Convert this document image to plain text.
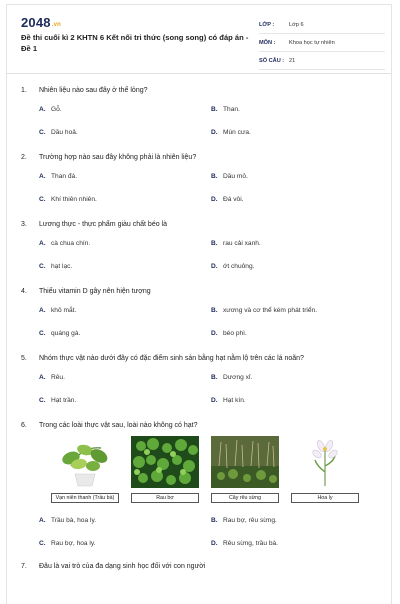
2048.vn
Đề thi cuối kì 2 KHTN 6 Kết nối tri thức (song song) có đáp án - Đề 1
LỚP :	Lớp 6
MÔN :	Khoa học tự nhiên
SỐ CÂU : 21
1.	Nhiên liệu nào sau đây ở thể lỏng?
A. Gỗ.	B. Than.
C. Dầu hoả.	D. Mùn cưa.
2.	Trường hợp nào sau đây không phải là nhiên liệu?
A. Than đá.	B. Dầu mỏ.
C. Khí thiên nhiên.	D. Đá vôi.
3.	Lương thực - thực phẩm giàu chất béo là
A. cà chua chín.	B. rau cải xanh.
C. hạt lạc.	D. ớt chuông.
4.	Thiếu vitamin D gây nên hiện tượng
A. khô mắt.	B. xương và cơ thể kém phát triển.
C. quáng gà.	D. béo phì.
5.	Nhóm thực vật nào dưới đây có đặc điểm sinh sản bằng hạt nằm lộ trên các lá noãn?
A. Rêu.	B. Dương xỉ.
C. Hạt trần.	D. Hạt kín.
6.	Trong các loài thực vật sau, loài nào không có hạt?
Vạn niên thanh (Trầu bà)	Rau bợ	Cây rêu sừng	Hoa ly
A. Trầu bà, hoa ly.	B. Rau bợ, rêu sừng.
C. Rau bợ, hoa ly.	D. Rêu sừng, trầu bà.
7.	Đâu là vai trò của đa dạng sinh học đối với con người
